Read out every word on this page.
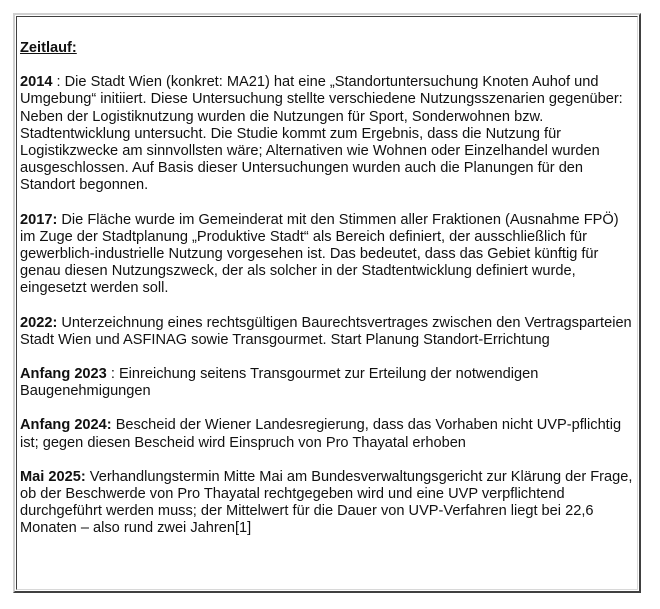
Zeitlauf:

2014 : Die Stadt Wien (konkret: MA21) hat eine „Standortuntersuchung Knoten Auhof und Umgebung“ initiiert. Diese Untersuchung stellte verschiedene Nutzungsszenarien gegenüber: Neben der Logistiknutzung wurden die Nutzungen für Sport, Sonderwohnen bzw. Stadtentwicklung untersucht. Die Studie kommt zum Ergebnis, dass die Nutzung für Logistikzwecke am sinnvollsten wäre; Alternativen wie Wohnen oder Einzelhandel wurden ausgeschlossen. Auf Basis dieser Untersuchungen wurden auch die Planungen für den Standort begonnen.

2017: Die Fläche wurde im Gemeinderat mit den Stimmen aller Fraktionen (Ausnahme FPÖ) im Zuge der Stadtplanung „Produktive Stadt“ als Bereich definiert, der ausschließlich für gewerblich-industrielle Nutzung vorgesehen ist. Das bedeutet, dass das Gebiet künftig für genau diesen Nutzungszweck, der als solcher in der Stadtentwicklung definiert wurde, eingesetzt werden soll.

2022: Unterzeichnung eines rechtsgültigen Baurechtsvertrages zwischen den Vertragsparteien Stadt Wien und ASFINAG sowie Transgourmet. Start Planung Standort-Errichtung

Anfang 2023 : Einreichung seitens Transgourmet zur Erteilung der notwendigen Baugenehmigungen

Anfang 2024: Bescheid der Wiener Landesregierung, dass das Vorhaben nicht UVP-pflichtig ist; gegen diesen Bescheid wird Einspruch von Pro Thayatal erhoben

Mai 2025: Verhandlungstermin Mitte Mai am Bundesverwaltungsgericht zur Klärung der Frage, ob der Beschwerde von Pro Thayatal rechtgegeben wird und eine UVP verpflichtend
durchgeführt werden muss; der Mittelwert für die Dauer von UVP-Verfahren liegt bei 22,6 Monaten – also rund zwei Jahren[1]
